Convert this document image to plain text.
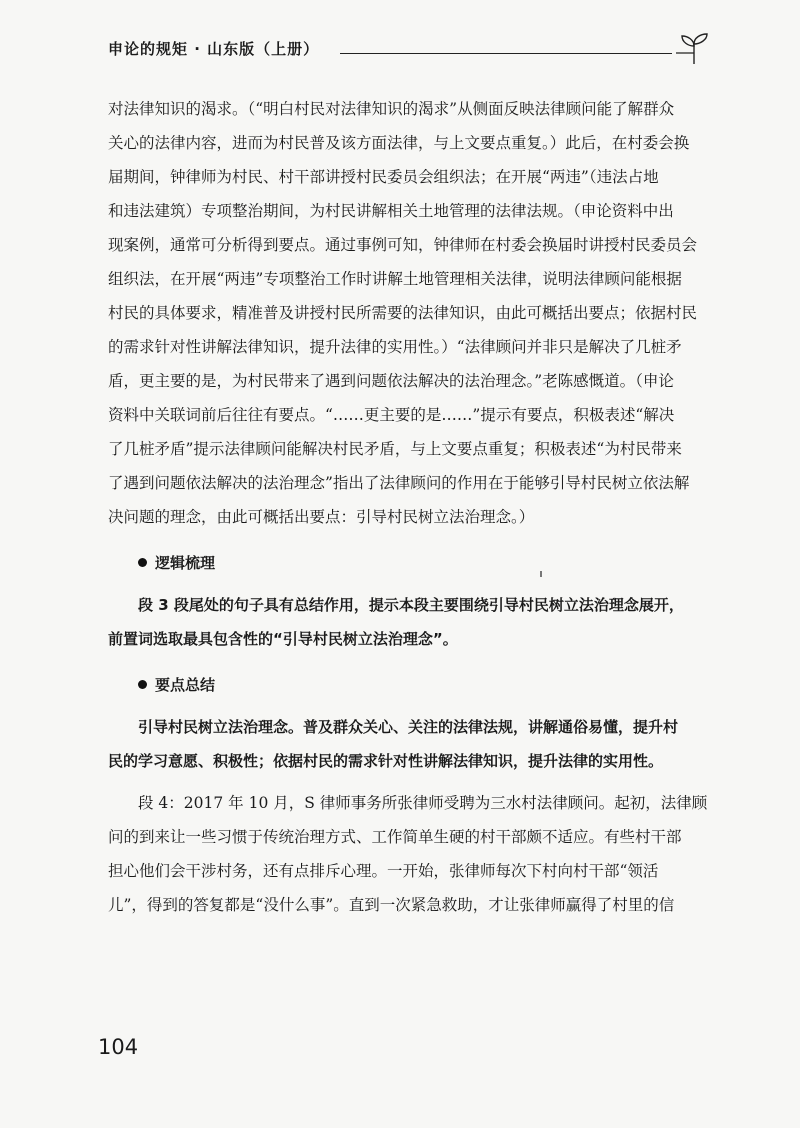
申论的规矩 · 山东版（上册）
对法律知识的渴求。（“明白村民对法律知识的渴求”从侧面反映法律顾问能了解群众
关心的法律内容，进而为村民普及该方面法律，与上文要点重复。）此后，在村委会换
届期间，钟律师为村民、村干部讲授村民委员会组织法；在开展“两违”（违法占地
和违法建筑）专项整治期间，为村民讲解相关土地管理的法律法规。（申论资料中出
现案例，通常可分析得到要点。通过事例可知，钟律师在村委会换届时讲授村民委员会
组织法，在开展“两违”专项整治工作时讲解土地管理相关法律，说明法律顾问能根据
村民的具体要求，精准普及讲授村民所需要的法律知识，由此可概括出要点；依据村民
的需求针对性讲解法律知识，提升法律的实用性。）“法律顾问并非只是解决了几桩矛
盾，更主要的是，为村民带来了遇到问题依法解决的法治理念。”老陈感慨道。（申论
资料中关联词前后往往有要点。“……更主要的是……”提示有要点，积极表述“解决
了几桩矛盾”提示法律顾问能解决村民矛盾，与上文要点重复；积极表述“为村民带来
了遇到问题依法解决的法治理念”指出了法律顾问的作用在于能够引导村民树立依法解
决问题的理念，由此可概括出要点：引导村民树立法治理念。）
逻辑梳理
段 3 段尾处的句子具有总结作用，提示本段主要围绕引导村民树立法治理念展开，
前置词选取最具包含性的“引导村民树立法治理念”。
要点总结
引导村民树立法治理念。普及群众关心、关注的法律法规，讲解通俗易懂，提升村
民的学习意愿、积极性；依据村民的需求针对性讲解法律知识，提升法律的实用性。
段 4：2017 年 10 月，S 律师事务所张律师受聘为三水村法律顾问。起初，法律顾
问的到来让一些习惯于传统治理方式、工作简单生硬的村干部颇不适应。有些村干部
担心他们会干涉村务，还有点排斥心理。一开始，张律师每次下村向村干部“领活
儿”，得到的答复都是“没什么事”。直到一次紧急救助，才让张律师赢得了村里的信
104
